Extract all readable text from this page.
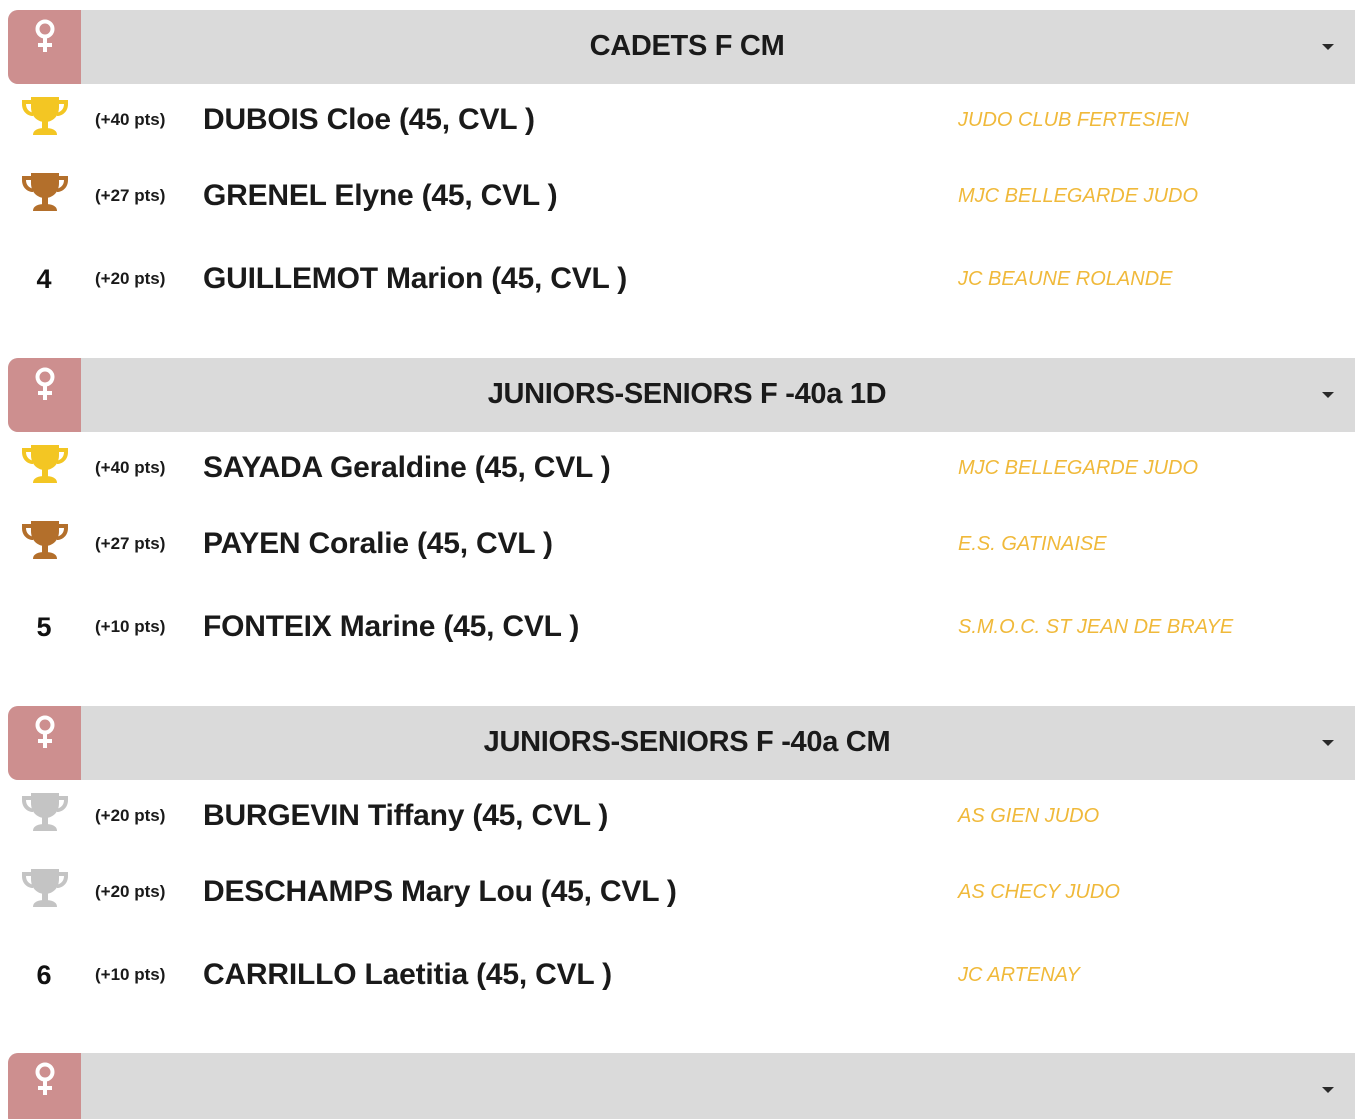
CADETS F CM
(+40 pts) DUBOIS Cloe (45, CVL )	JUDO CLUB FERTESIEN
(+27 pts) GRENEL Elyne (45, CVL )	MJC BELLEGARDE JUDO
4	(+20 pts) GUILLEMOT Marion (45, CVL )	JC BEAUNE ROLANDE
JUNIORS-SENIORS F -40a 1D
(+40 pts) SAYADA Geraldine (45, CVL )	MJC BELLEGARDE JUDO
(+27 pts) PAYEN Coralie (45, CVL )	E.S. GATINAISE
5	(+10 pts) FONTEIX Marine (45, CVL )	S.M.O.C. ST JEAN DE BRAYE
JUNIORS-SENIORS F -40a CM
(+20 pts) BURGEVIN Tiffany (45, CVL )	AS GIEN JUDO
(+20 pts) DESCHAMPS Mary Lou (45, CVL )	AS CHECY JUDO
6	(+10 pts) CARRILLO Laetitia (45, CVL )	JC ARTENAY
